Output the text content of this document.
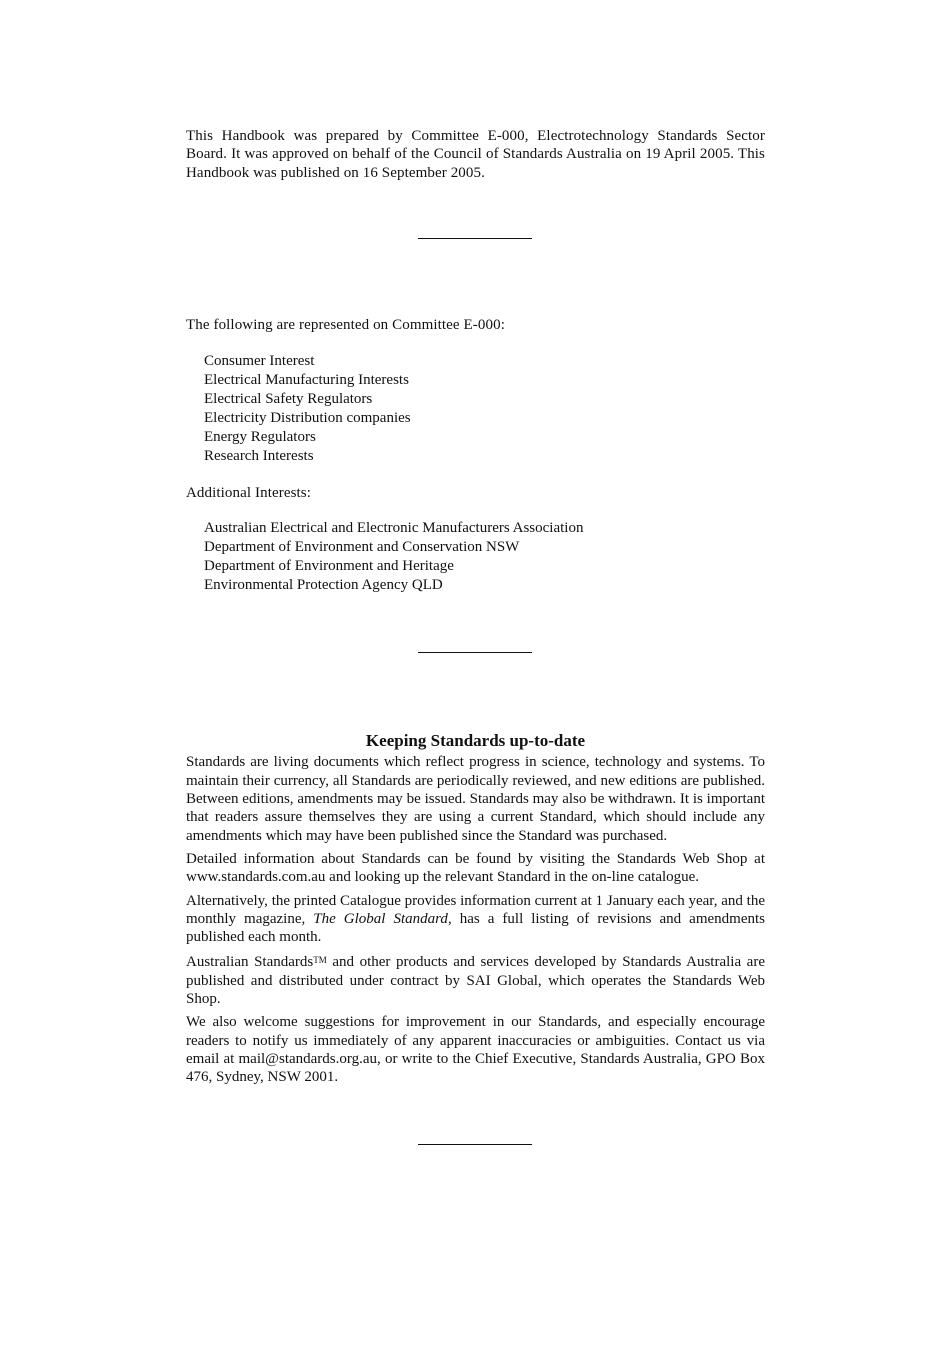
This Handbook was prepared by Committee E-000, Electrotechnology Standards Sector Board. It was approved on behalf of the Council of Standards Australia on 19 April 2005. This Handbook was published on 16 September 2005.

The following are represented on Committee E-000:

Consumer Interest
Electrical Manufacturing Interests
Electrical Safety Regulators
Electricity Distribution companies
Energy Regulators
Research Interests

Additional Interests:

Australian Electrical and Electronic Manufacturers Association
Department of Environment and Conservation NSW
Department of Environment and Heritage
Environmental Protection Agency QLD
Keeping Standards up-to-date

Standards are living documents which reflect progress in science, technology and systems. To maintain their currency, all Standards are periodically reviewed, and new editions are published. Between editions, amendments may be issued. Standards may also be withdrawn. It is important that readers assure themselves they are using a current Standard, which should include any amendments which may have been published since the Standard was purchased.

Detailed information about Standards can be found by visiting the Standards Web Shop at www.standards.com.au and looking up the relevant Standard in the on-line catalogue.

Alternatively, the printed Catalogue provides information current at 1 January each year, and the monthly magazine, The Global Standard, has a full listing of revisions and amendments published each month.

Australian Standards™ and other products and services developed by Standards Australia are published and distributed under contract by SAI Global, which operates the Standards Web Shop.

We also welcome suggestions for improvement in our Standards, and especially encourage readers to notify us immediately of any apparent inaccuracies or ambiguities. Contact us via email at mail@standards.org.au, or write to the Chief Executive, Standards Australia, GPO Box 476, Sydney, NSW 2001.
